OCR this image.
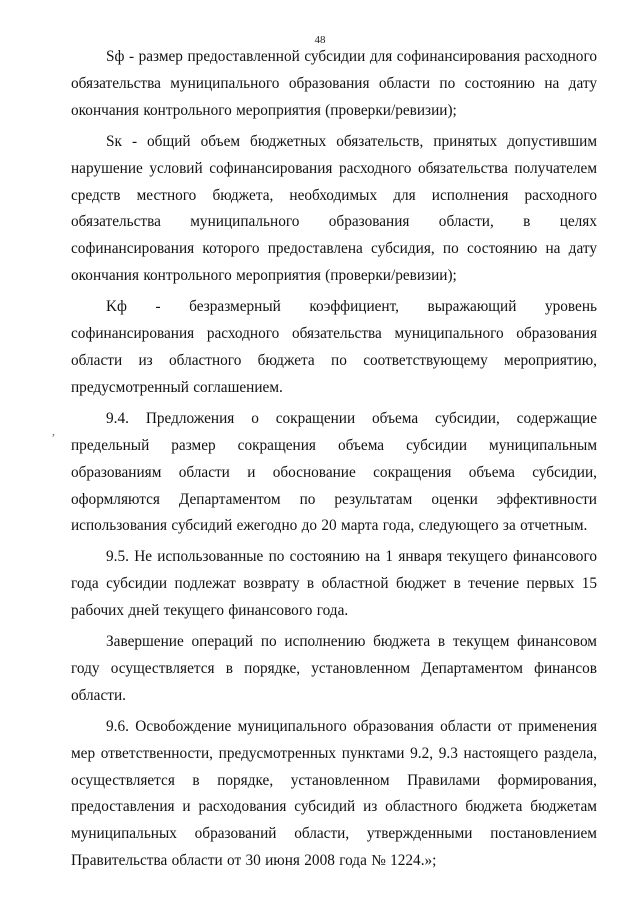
48
,

Sф - размер предоставленной субсидии для софинансирования расходного обязательства муниципального образования области по состоянию на дату окончания контрольного мероприятия (проверки/ревизии);

Sк - общий объем бюджетных обязательств, принятых допустившим нарушение условий софинансирования расходного обязательства получателем средств местного бюджета, необходимых для исполнения расходного обязательства муниципального образования области, в целях софинансирования которого предоставлена субсидия, по состоянию на дату окончания контрольного мероприятия (проверки/ревизии);

Kф - безразмерный коэффициент, выражающий уровень софинансирования расходного обязательства муниципального образования области из областного бюджета по соответствующему мероприятию, предусмотренный соглашением.

9.4. Предложения о сокращении объема субсидии, содержащие предельный размер сокращения объема субсидии муниципальным образованиям области и обоснование сокращения объема субсидии, оформляются Департаментом по результатам оценки эффективности использования субсидий ежегодно до 20 марта года, следующего за отчетным.

9.5. Не использованные по состоянию на 1 января текущего финансового года субсидии подлежат возврату в областной бюджет в течение первых 15 рабочих дней текущего финансового года.

Завершение операций по исполнению бюджета в текущем финансовом году осуществляется в порядке, установленном Департаментом финансов области.

9.6. Освобождение муниципального образования области от применения мер ответственности, предусмотренных пунктами 9.2, 9.3 настоящего раздела, осуществляется в порядке, установленном Правилами формирования, предоставления и расходования субсидий из областного бюджета бюджетам муниципальных образований области, утвержденными постановлением Правительства области от 30 июня 2008 года № 1224.»;
